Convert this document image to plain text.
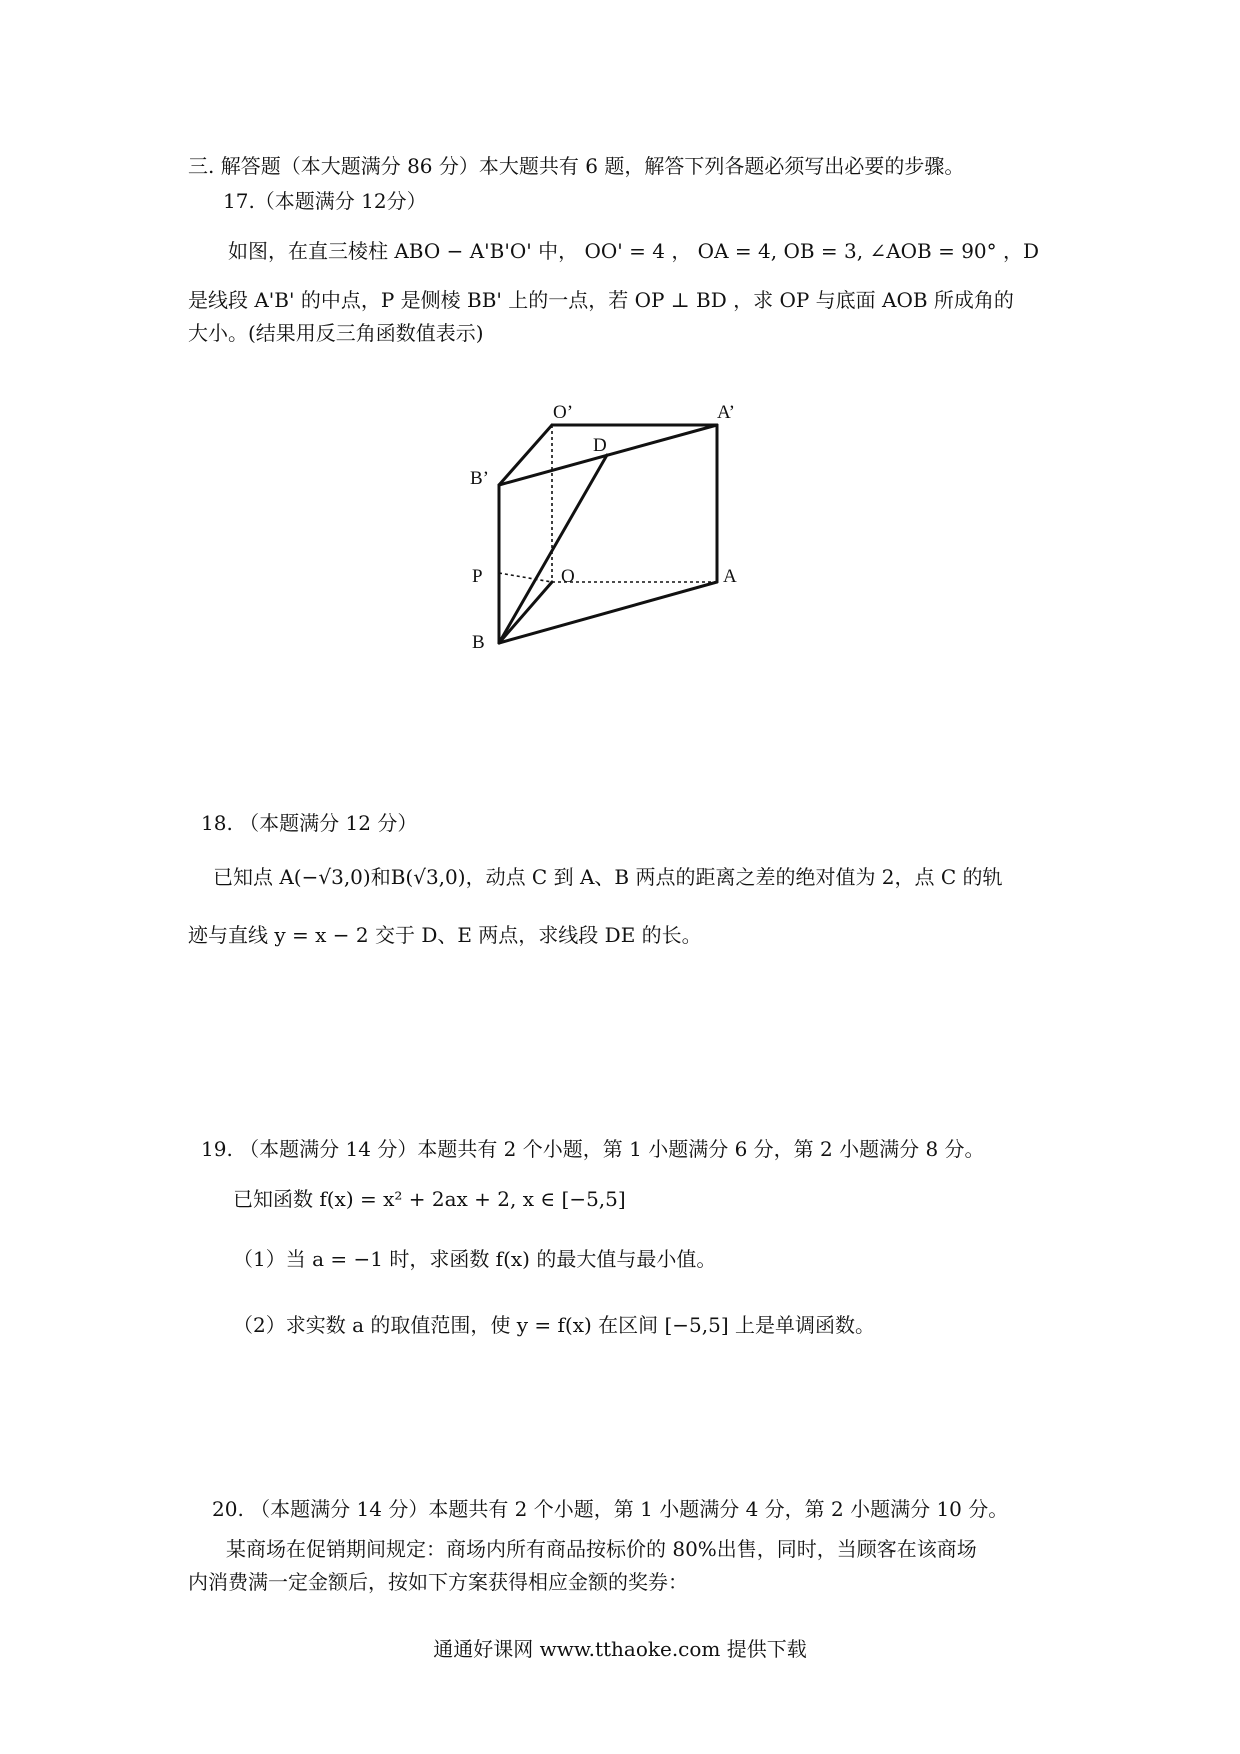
三. 解答题（本大题满分 86 分）本大题共有 6 题，解答下列各题必须写出必要的步骤。
17.（本题满分 12分）
如图，在直三棱柱 ABO − A'B'O' 中， OO' = 4 ， OA = 4, OB = 3, ∠AOB = 90° ，D
是线段 A'B' 的中点，P 是侧棱 BB' 上的一点，若 OP ⊥ BD ，求 OP 与底面 AOB 所成角的
大小。(结果用反三角函数值表示)
O’	A’
B’
D
P	O	A
B
18. （本题满分 12 分）
已知点 A(−√3,0)和B(√3,0)，动点 C 到 A、B 两点的距离之差的绝对值为 2，点 C 的轨
迹与直线 y = x − 2 交于 D、E 两点，求线段 DE 的长。
19. （本题满分 14 分）本题共有 2 个小题，第 1 小题满分 6 分，第 2 小题满分 8 分。
已知函数 f(x) = x² + 2ax + 2, x ∈ [−5,5]
（1）当 a = −1 时，求函数 f(x) 的最大值与最小值。
（2）求实数 a 的取值范围，使 y = f(x) 在区间 [−5,5] 上是单调函数。
20. （本题满分 14 分）本题共有 2 个小题，第 1 小题满分 4 分，第 2 小题满分 10 分。
某商场在促销期间规定：商场内所有商品按标价的 80%出售，同时，当顾客在该商场
内消费满一定金额后，按如下方案获得相应金额的奖券：
通通好课网 www.tthaoke.com 提供下载
